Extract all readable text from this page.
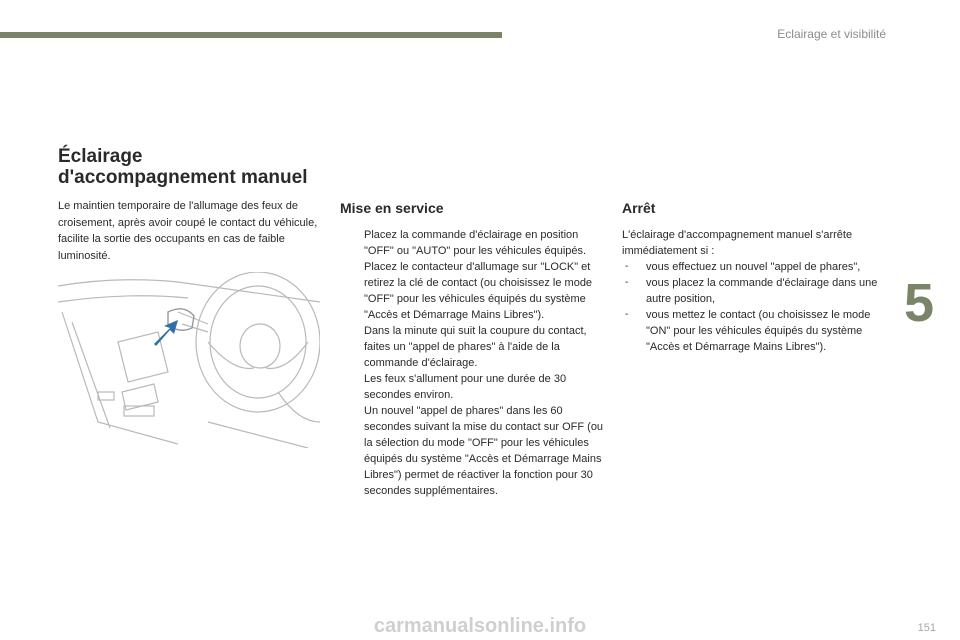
Eclairage et visibilité
5
Éclairage
d'accompagnement manuel

Le maintien temporaire de l'allumage des feux de croisement, après avoir coupé le contact du véhicule, facilite la sortie des occupants en cas de faible luminosité.

Mise en service

Placez la commande d'éclairage en position "OFF" ou "AUTO" pour les véhicules équipés.

Placez le contacteur d'allumage sur "LOCK" et retirez la clé de contact (ou choisissez le mode "OFF" pour les véhicules équipés du système "Accès et Démarrage Mains Libres").

Dans la minute qui suit la coupure du contact, faites un "appel de phares" à l'aide de la commande d'éclairage.

Les feux s'allument pour une durée de 30 secondes environ.

Un nouvel "appel de phares" dans les 60 secondes suivant la mise du contact sur OFF (ou la sélection du mode "OFF" pour les véhicules équipés du système "Accès et Démarrage Mains Libres") permet de réactiver la fonction pour 30 secondes supplémentaires.

Arrêt

L'éclairage d'accompagnement manuel s'arrête immédiatement si :

- vous effectuez un nouvel "appel de phares",

- vous placez la commande d'éclairage dans une autre position,

- vous mettez le contact (ou choisissez le mode "ON" pour les véhicules équipés du système "Accès et Démarrage Mains Libres").

151
carmanualsonline.info
